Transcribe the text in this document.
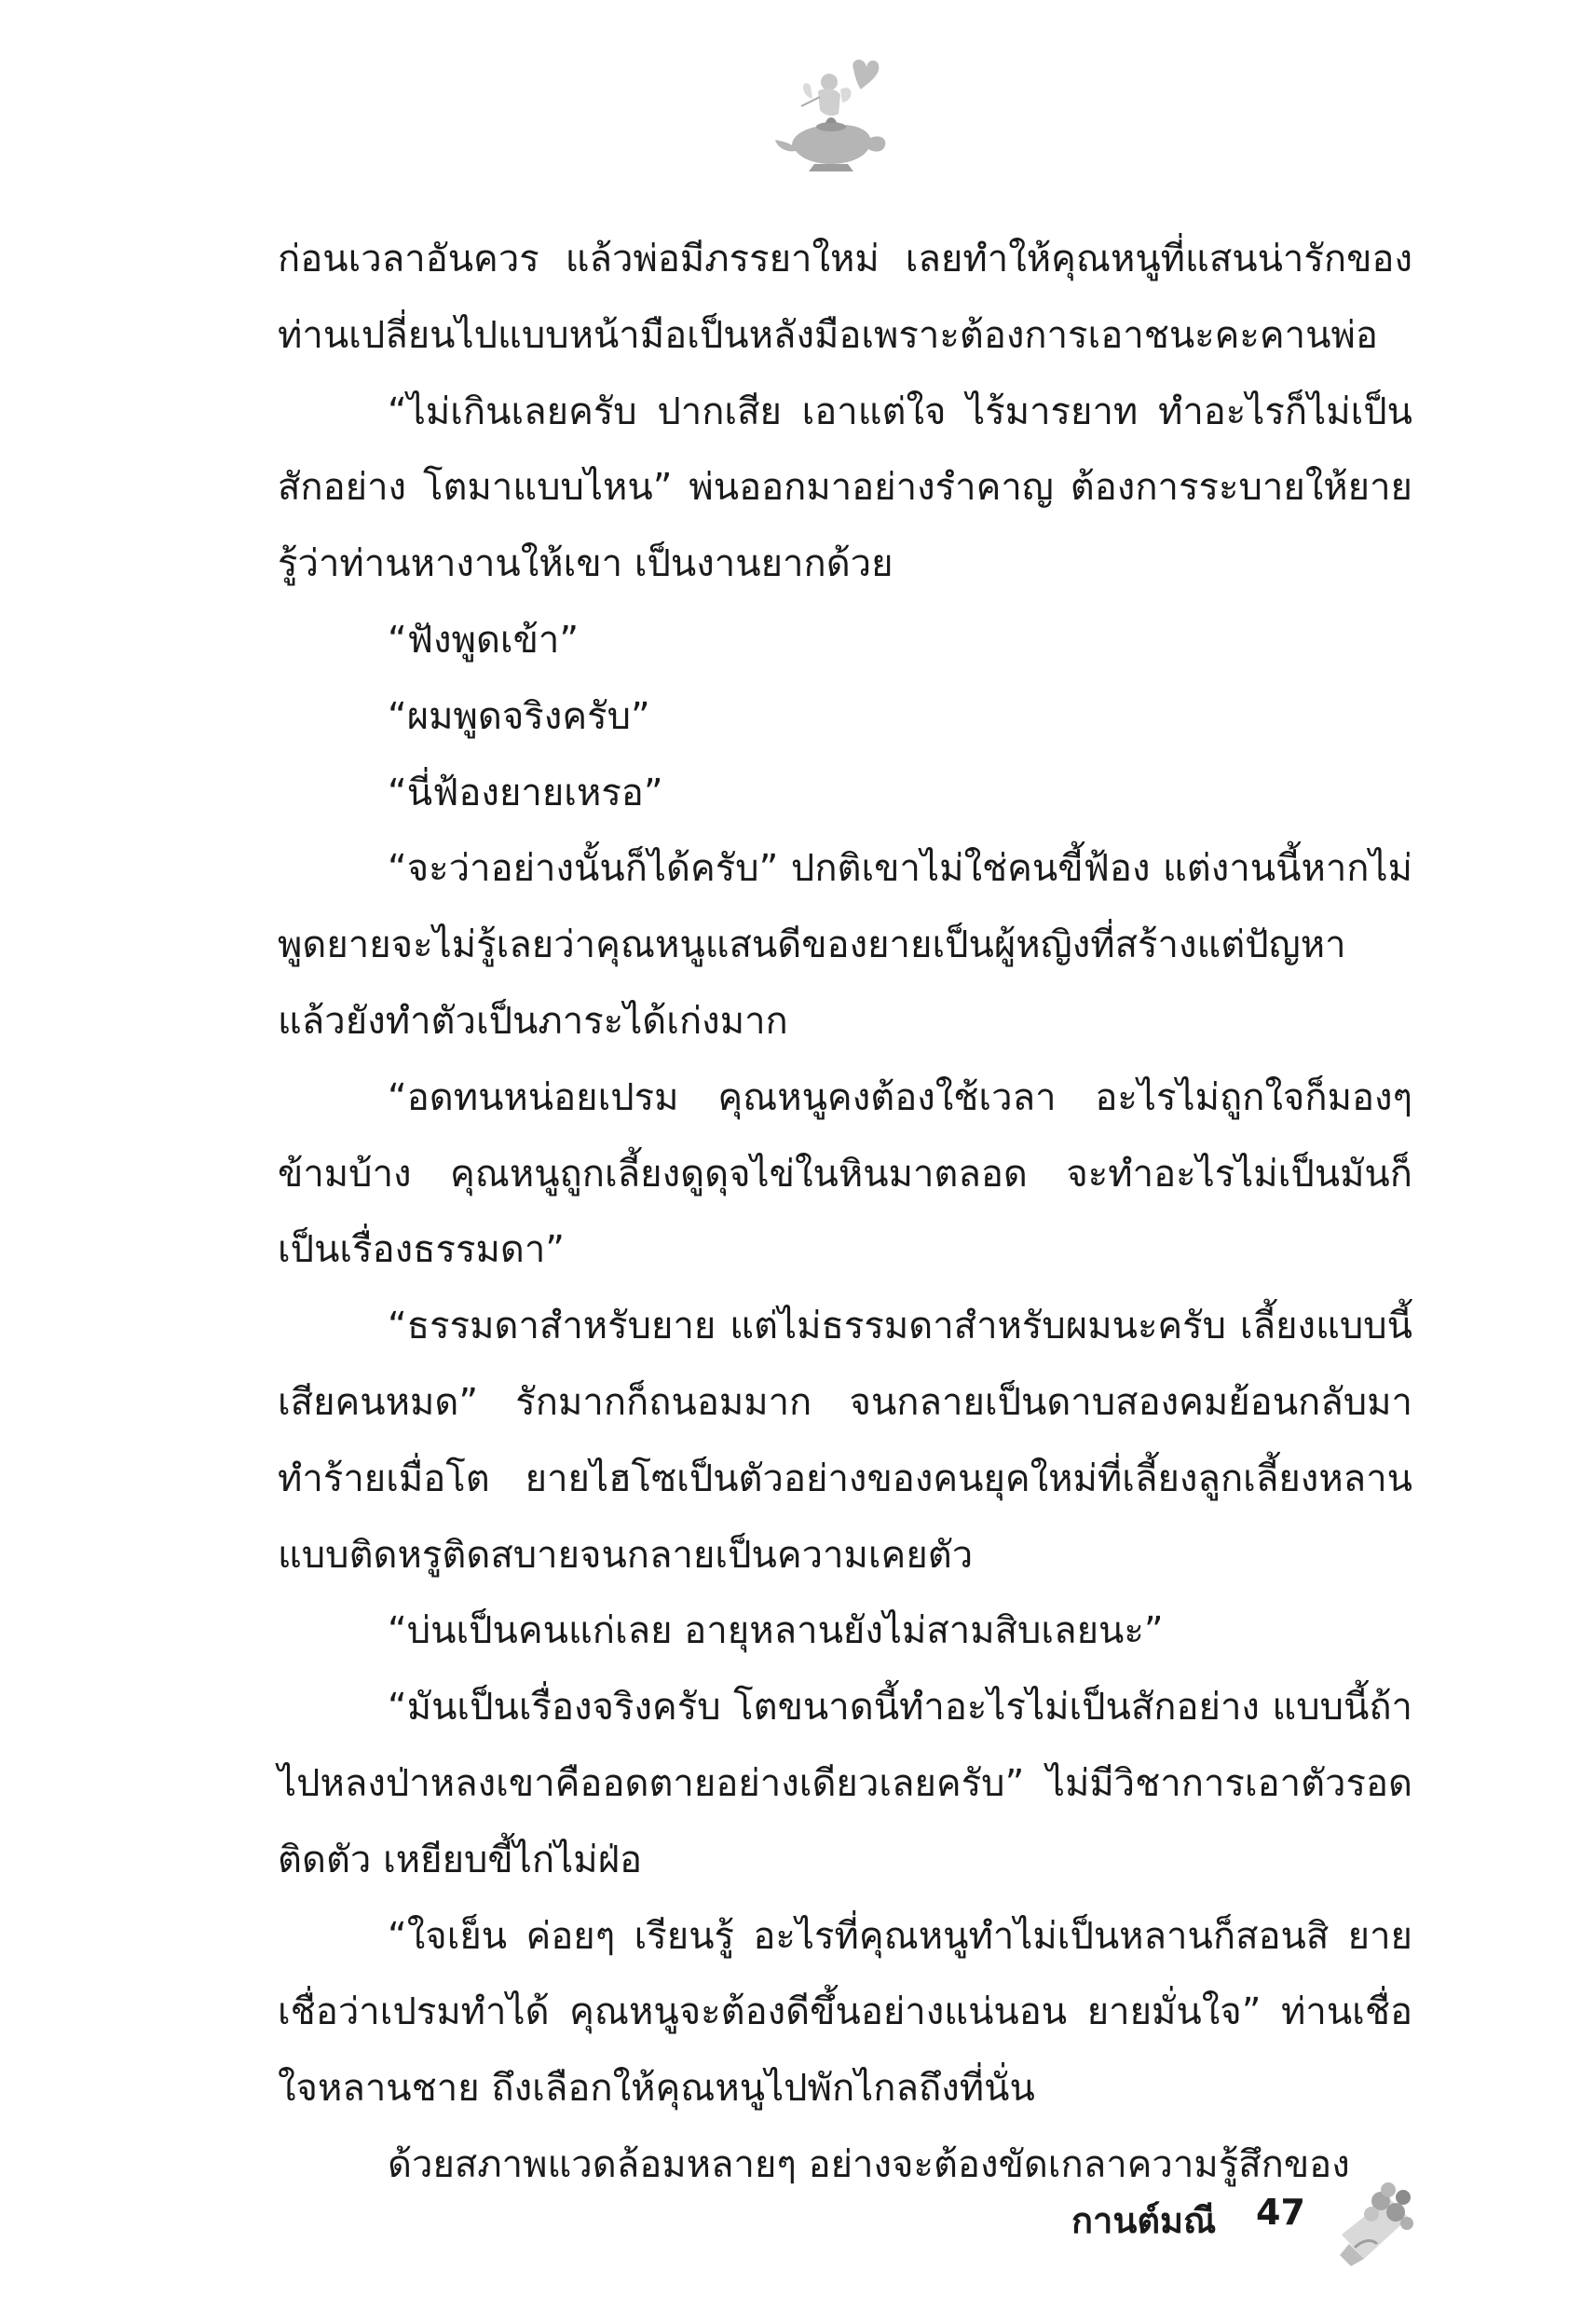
ก่อนเวลาอันควร แล้วพ่อมีภรรยาใหม่ เลยทำให้คุณหนูที่แสนน่ารักของท่านเปลี่ยนไปแบบหน้ามือเป็นหลังมือเพราะต้องการเอาชนะคะคานพ่อ

“ไม่เกินเลยครับ ปากเสีย เอาแต่ใจ ไร้มารยาท ทำอะไรก็ไม่เป็นสักอย่าง โตมาแบบไหน” พ่นออกมาอย่างรำคาญ ต้องการระบายให้ยายรู้ว่าท่านหางานให้เขา เป็นงานยากด้วย

“ฟังพูดเข้า”

“ผมพูดจริงครับ”

“นี่ฟ้องยายเหรอ”

“จะว่าอย่างนั้นก็ได้ครับ” ปกติเขาไม่ใช่คนขี้ฟ้อง แต่งานนี้หากไม่พูดยายจะไม่รู้เลยว่าคุณหนูแสนดีของยายเป็นผู้หญิงที่สร้างแต่ปัญหาแล้วยังทำตัวเป็นภาระได้เก่งมาก

“อดทนหน่อยเปรม คุณหนูคงต้องใช้เวลา อะไรไม่ถูกใจก็มองๆ ข้ามบ้าง คุณหนูถูกเลี้ยงดูดุจไข่ในหินมาตลอด จะทำอะไรไม่เป็นมันก็เป็นเรื่องธรรมดา”

“ธรรมดาสำหรับยาย แต่ไม่ธรรมดาสำหรับผมนะครับ เลี้ยงแบบนี้เสียคนหมด” รักมากก็ถนอมมาก จนกลายเป็นดาบสองคมย้อนกลับมาทำร้ายเมื่อโต ยายไฮโซเป็นตัวอย่างของคนยุคใหม่ที่เลี้ยงลูกเลี้ยงหลานแบบติดหรูติดสบายจนกลายเป็นความเคยตัว

“บ่นเป็นคนแก่เลย อายุหลานยังไม่สามสิบเลยนะ”

“มันเป็นเรื่องจริงครับ โตขนาดนี้ทำอะไรไม่เป็นสักอย่าง แบบนี้ถ้าไปหลงป่าหลงเขาคืออดตายอย่างเดียวเลยครับ” ไม่มีวิชาการเอาตัวรอดติดตัว เหยียบขี้ไก่ไม่ฝ่อ

“ใจเย็น ค่อยๆ เรียนรู้ อะไรที่คุณหนูทำไม่เป็นหลานก็สอนสิ ยายเชื่อว่าเปรมทำได้ คุณหนูจะต้องดีขึ้นอย่างแน่นอน ยายมั่นใจ” ท่านเชื่อใจหลานชาย ถึงเลือกให้คุณหนูไปพักไกลถึงที่นั่น

ด้วยสภาพแวดล้อมหลายๆ อย่างจะต้องขัดเกลาความรู้สึกของ

กานต์มณี 47
